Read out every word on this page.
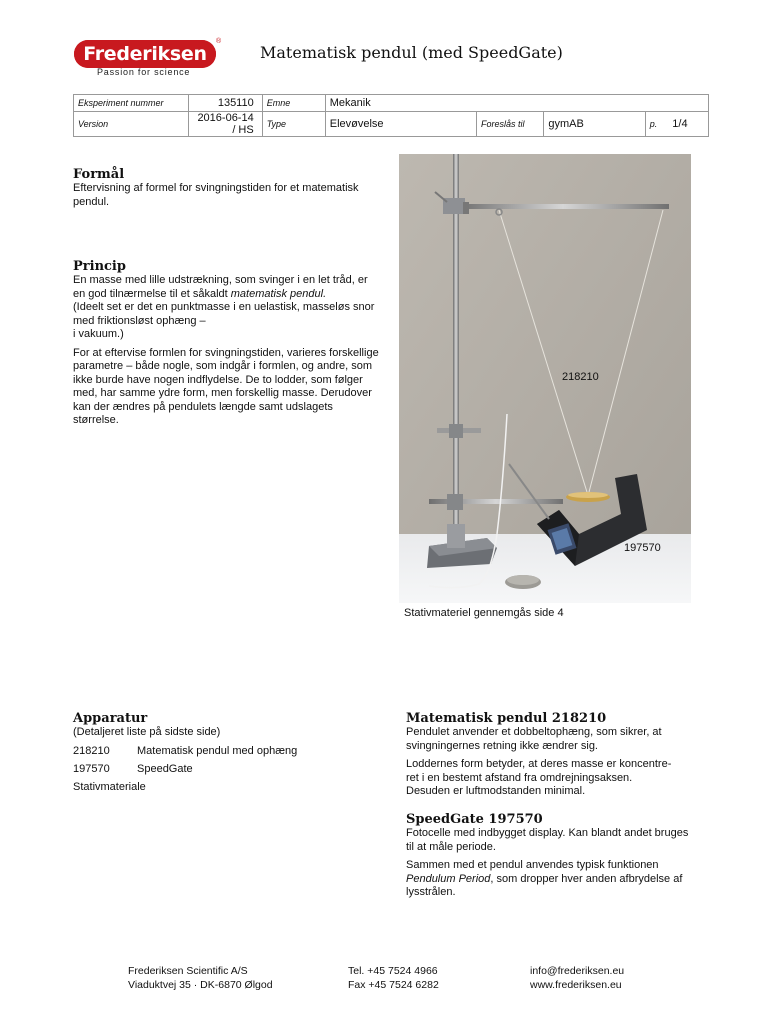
Frederiksen
®
Passion for science
Matematisk pendul (med SpeedGate)
Eksperiment nummer	135110	Emne	Mekanik			
Version	2016-06-14 / HS	Type	Elevøvelse	Foreslås til	gymAB	p. 1/4
Formål
Eftervisning af formel for svingningstiden for et matematisk pendul.
Princip

En masse med lille udstrækning, som svinger i en let tråd, er en god tilnærmelse til et såkaldt matematisk pendul.
(Ideelt set er det en punktmasse i en uelastisk, masseløs snor med friktionsløst ophæng –
i vakuum.)

For at eftervise formlen for svingningstiden, varieres forskellige parametre – både nogle, som indgår i formlen, og andre, som ikke burde have nogen indflydelse. De to lodder, som følger med, har samme ydre form, men forskellig masse. Derudover kan der ændres på pendulets længde samt udslagets størrelse.

218210
197570
Stativmateriel gennemgås side 4
Apparatur
(Detaljeret liste på sidste side)
218210	Matematisk pendul med ophæng
197570	SpeedGate
Stativmateriale
Matematisk pendul 218210

Pendulet anvender et dobbeltophæng, som sikrer, at svingningernes retning ikke ændrer sig.

Loddernes form betyder, at deres masse er koncentre-
ret i en bestemt afstand fra omdrejningsaksen.
Desuden er luftmodstanden minimal.

SpeedGate 197570

Fotocelle med indbygget display. Kan blandt andet bruges til at måle periode.

Sammen med et pendul anvendes typisk funktionen Pendulum Period, som dropper hver anden afbrydelse af lysstrålen.

Frederiksen Scientific A/S
Viaduktvej 35 · DK-6870 Ølgod
Tel. +45 7524 4966
Fax +45 7524 6282
info@frederiksen.eu
www.frederiksen.eu
